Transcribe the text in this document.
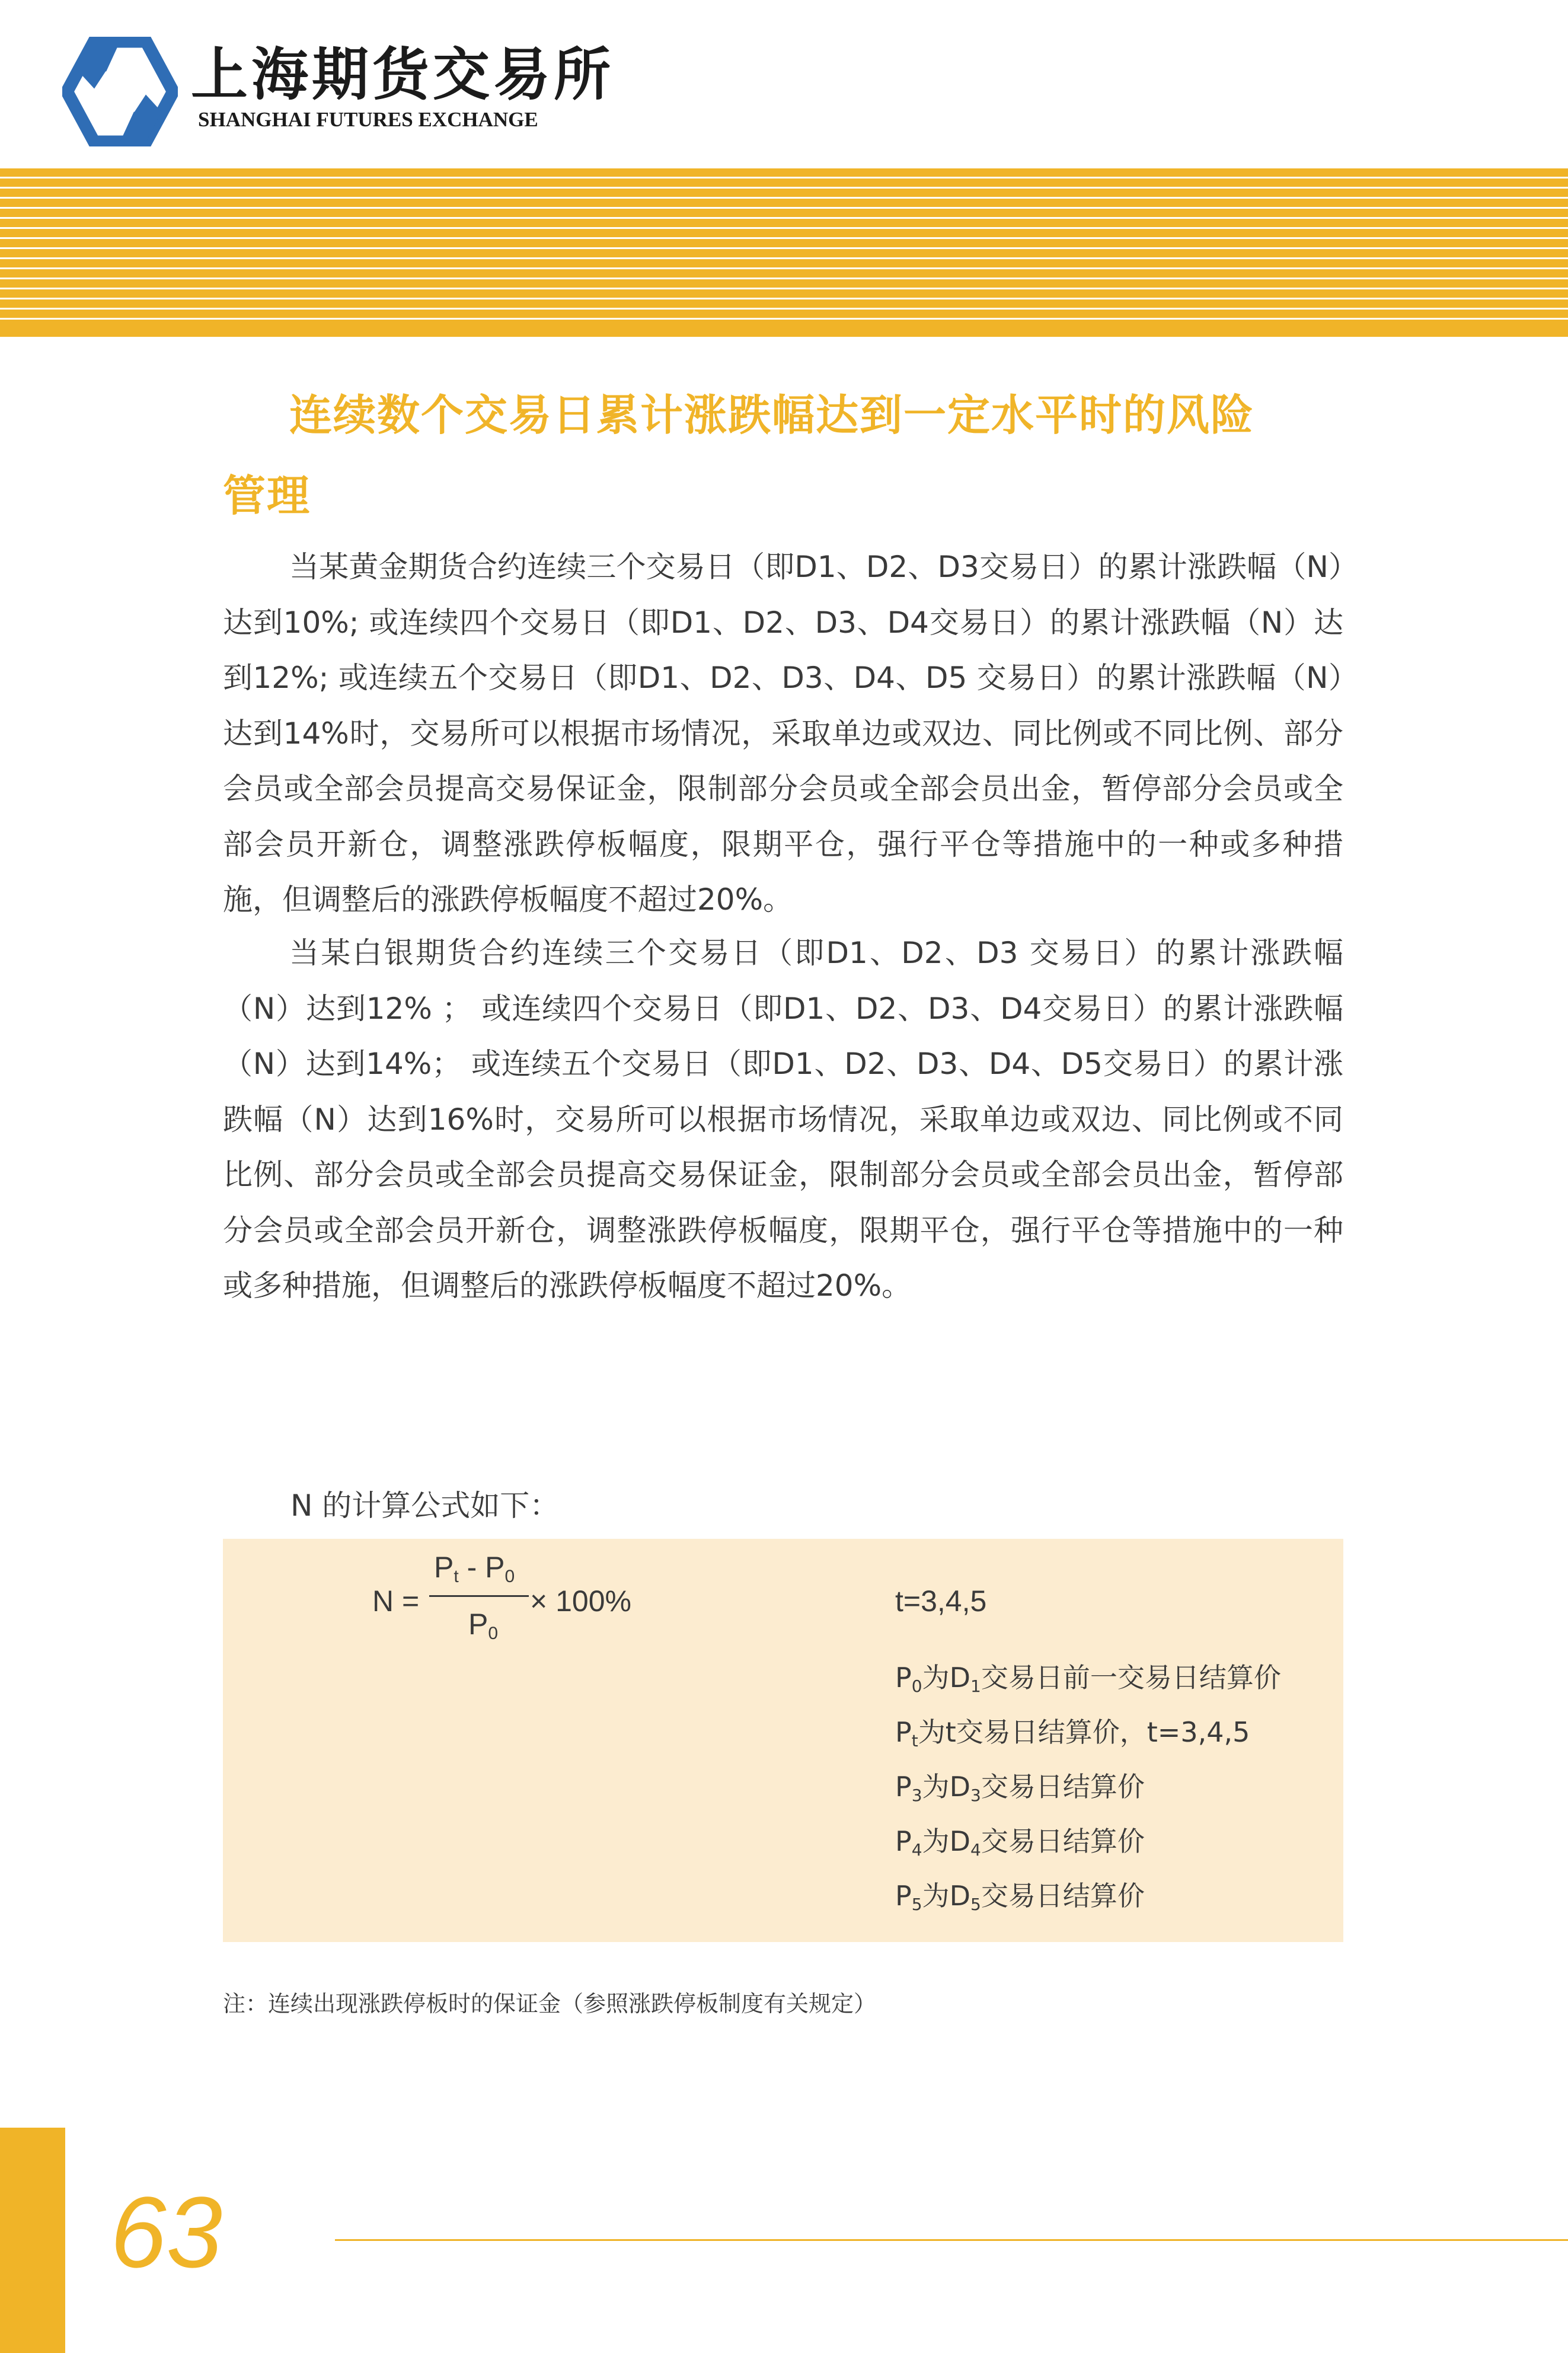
上海期货交易所
SHANGHAI FUTURES EXCHANGE
连续数个交易日累计涨跌幅达到一定水平时的风险
管理

当某黄金期货合约连续三个交易日（即D1、D2、D3交易日）的累计涨跌幅（N）达到10%; 或连续四个交易日（即D1、D2、D3、D4交易日）的累计涨跌幅（N）达到12%; 或连续五个交易日（即D1、D2、D3、D4、D5 交易日）的累计涨跌幅（N）达到14%时，交易所可以根据市场情况，采取单边或双边、同比例或不同比例、部分会员或全部会员提高交易保证金，限制部分会员或全部会员出金，暂停部分会员或全部会员开新仓，调整涨跌停板幅度，限期平仓，强行平仓等措施中的一种或多种措施，但调整后的涨跌停板幅度不超过20%。

当某白银期货合约连续三个交易日（即D1、D2、D3 交易日）的累计涨跌幅（N）达到12% ； 或连续四个交易日（即D1、D2、D3、D4交易日）的累计涨跌幅（N）达到14%； 或连续五个交易日（即D1、D2、D3、D4、D5交易日）的累计涨跌幅（N）达到16%时，交易所可以根据市场情况，采取单边或双边、同比例或不同比例、部分会员或全部会员提高交易保证金，限制部分会员或全部会员出金，暂停部分会员或全部会员开新仓，调整涨跌停板幅度，限期平仓，强行平仓等措施中的一种或多种措施，但调整后的涨跌停板幅度不超过20%。

N 的计算公式如下：
N =
$P_t - P_0$
$P_0$
× 100%	t=3,4,5
$P_0$为$D_1$交易日前一交易日结算价
$P_t$为t交易日结算价，t=3,4,5
$P_3$为$D_3$交易日结算价
$P_4$为$D_4$交易日结算价
$P_5$为$D_5$交易日结算价
注：连续出现涨跌停板时的保证金（参照涨跌停板制度有关规定）
63
